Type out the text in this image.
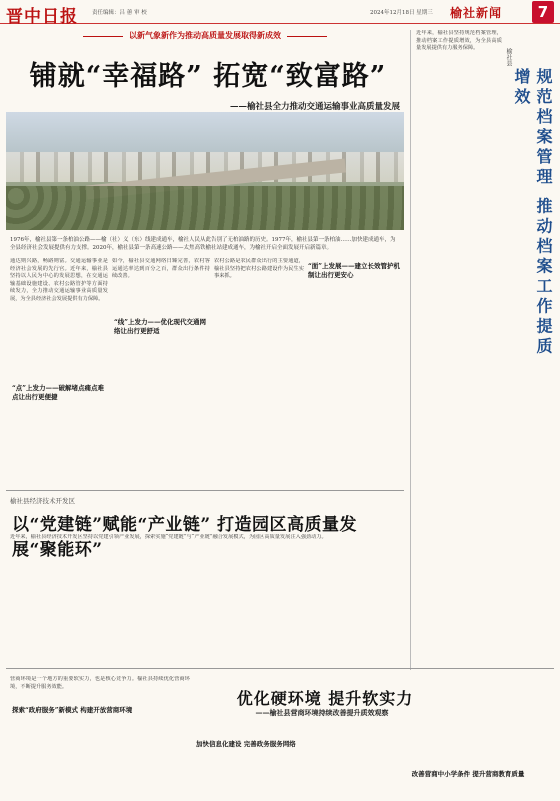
晋中日报	责任编辑：吕 蕙 审 校	2024年12月18日 星期三 榆社新闻	7
以新气象新作为推动高质量发展取得新成效
铺就“幸福路” 拓宽“致富路”
——榆社县全力推动交通运输事业高质量发展
1976年，榆社县第一条柏油公路——榆（社）义（东）线建成通车，榆社人民从此告别了无柏油路的历史。1977年，榆社县第一条柏油……加快建成通车，为全县经济社会发展提供有力支撑。2020年，榆社县第一条高速公路——太焦高铁榆社站建成通车，为榆社开启全面发展开启新篇章。
通达则兴路，畅路则富。交通运输事业是经济社会发展的先行官。近年来，榆社县坚持以人民为中心的发展思想，在交通运输基础设施建设、农村公路管护等方面持续发力，全力推动交通运输事业高质量发展，为全县经济社会发展提供有力保障。
“点”上发力——破解堵点痛点难点让出行更便捷
如今，榆社县交通网络日臻完善，农村客运通达率达到百分之百，群众出行条件持续改善。
“线”上发力——优化现代交通网络让出行更舒适
农村公路是农民群众出行的主要通道，榆社县坚持把农村公路建设作为民生实事来抓。
“面”上发展——建立长效管护机制让出行更安心
榆社县经济技术开发区
以“党建链”赋能“产业链” 打造园区高质量发展“聚能环”
近年来，榆社县经济技术开发区坚持以党建引领产业发展，探索实施“党建链”与“产业链”融合发展模式，为园区高质量发展注入强劲动力。
优化硬环境 提升软实力
——榆社县营商环境持续改善提升质效观察
探索“政府服务”新模式 构建开放营商环境
营商环境是一个地方的重要软实力，也是核心竞争力。榆社县持续优化营商环境，不断提升服务效能。
加快信息化建设 完善政务服务网络
改善营商中小学条件 提升营商教育质量
榆社县
规范档案管理 推动档案工作提质增效
近年来，榆社县坚持规范档案管理，推动档案工作提质增效，为全县高质量发展提供有力服务保障。
